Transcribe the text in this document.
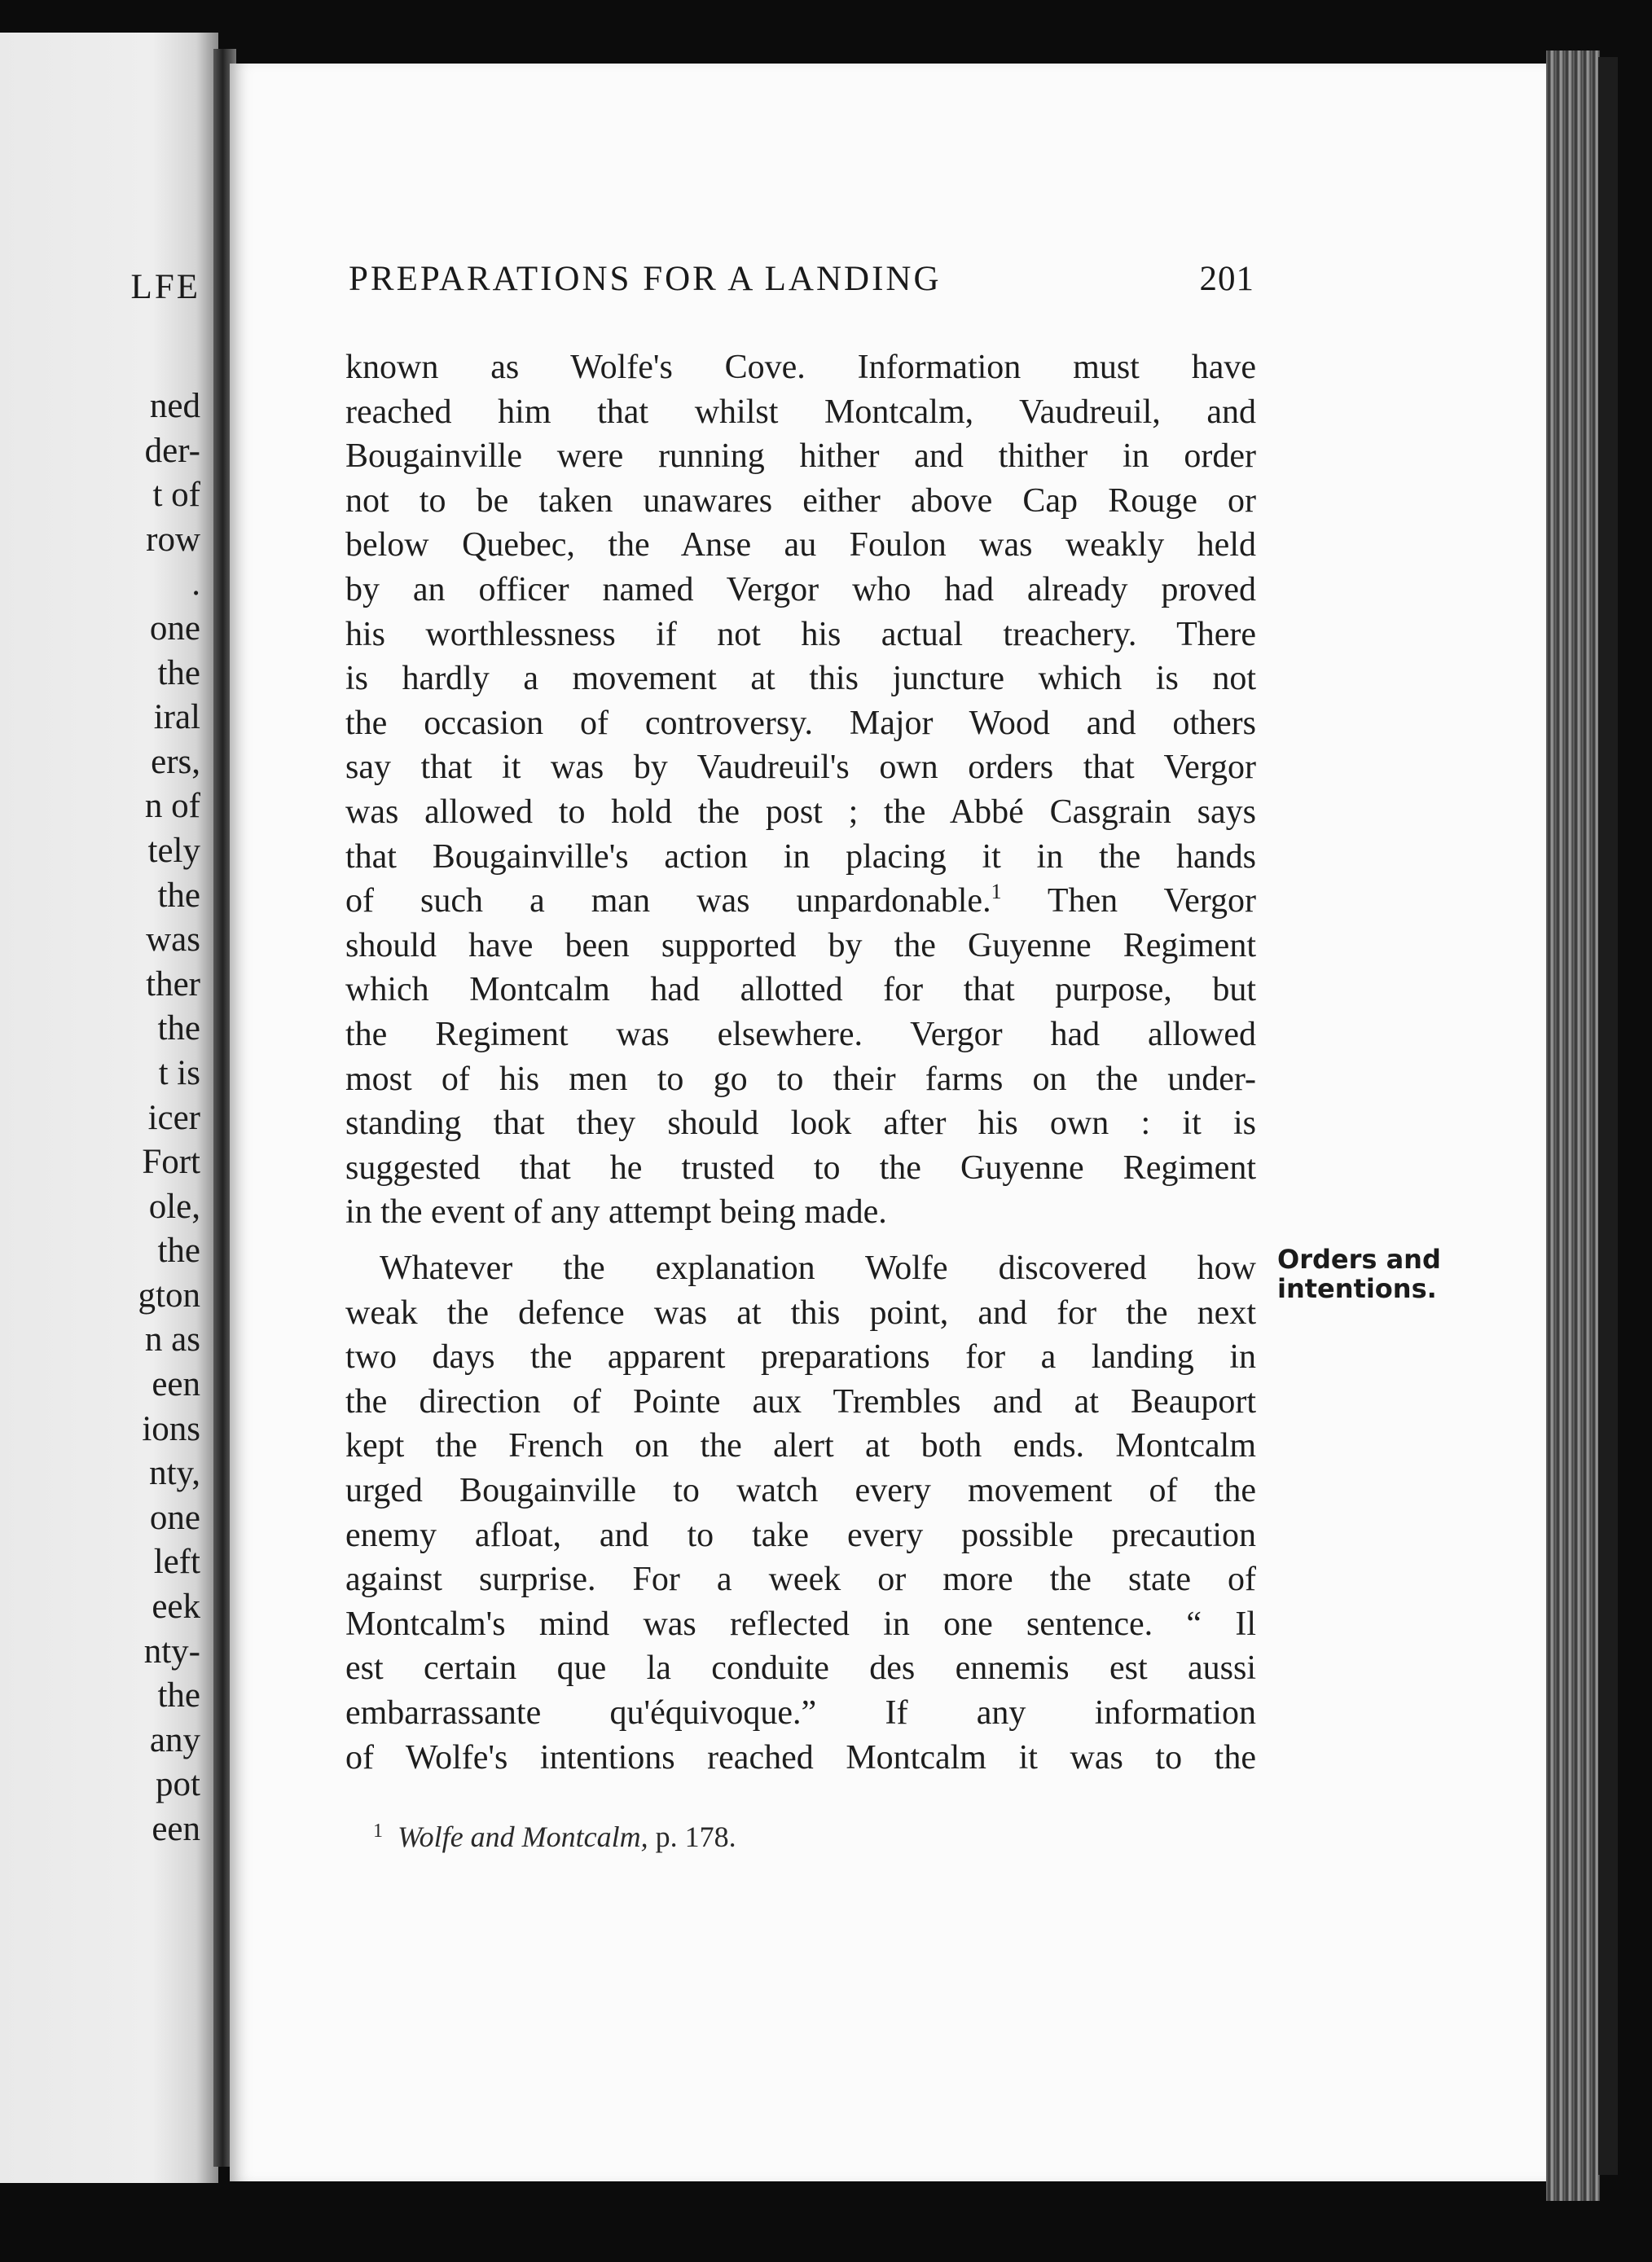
LFE

ned
der-
t of
row
.
one
the
iral
ers,
n of
tely
the
was
ther
the
t is
icer
Fort
ole,
the
gton
n as
een
ions
nty,
one
left
eek
nty-
the
any
pot
een
PREPARATIONS FOR A LANDING	201
known as Wolfe's Cove. Information must have
reached him that whilst Montcalm, Vaudreuil, and
Bougainville were running hither and thither in order
not to be taken unawares either above Cap Rouge or
below Quebec, the Anse au Foulon was weakly held
by an officer named Vergor who had already proved
his worthlessness if not his actual treachery. There
is hardly a movement at this juncture which is not
the occasion of controversy. Major Wood and others
say that it was by Vaudreuil's own orders that Vergor
was allowed to hold the post ; the Abbé Casgrain says
that Bougainville's action in placing it in the hands
of such a man was unpardonable.$^1$ Then Vergor
should have been supported by the Guyenne Regiment
which Montcalm had allotted for that purpose, but
the Regiment was elsewhere. Vergor had allowed
most of his men to go to their farms on the under-
standing that they should look after his own : it is
suggested that he trusted to the Guyenne Regiment
in the event of any attempt being made.
Whatever the explanation Wolfe discovered how
weak the defence was at this point, and for the next
two days the apparent preparations for a landing in
the direction of Pointe aux Trembles and at Beauport
kept the French on the alert at both ends. Montcalm
urged Bougainville to watch every movement of the
enemy afloat, and to take every possible precaution
against surprise. For a week or more the state of
Montcalm's mind was reflected in one sentence. “ Il
est certain que la conduite des ennemis est aussi
embarrassante qu'équivoque.” If any information
of Wolfe's intentions reached Montcalm it was to the
Orders and
intentions.
$^1$ Wolfe and Montcalm, p. 178.
